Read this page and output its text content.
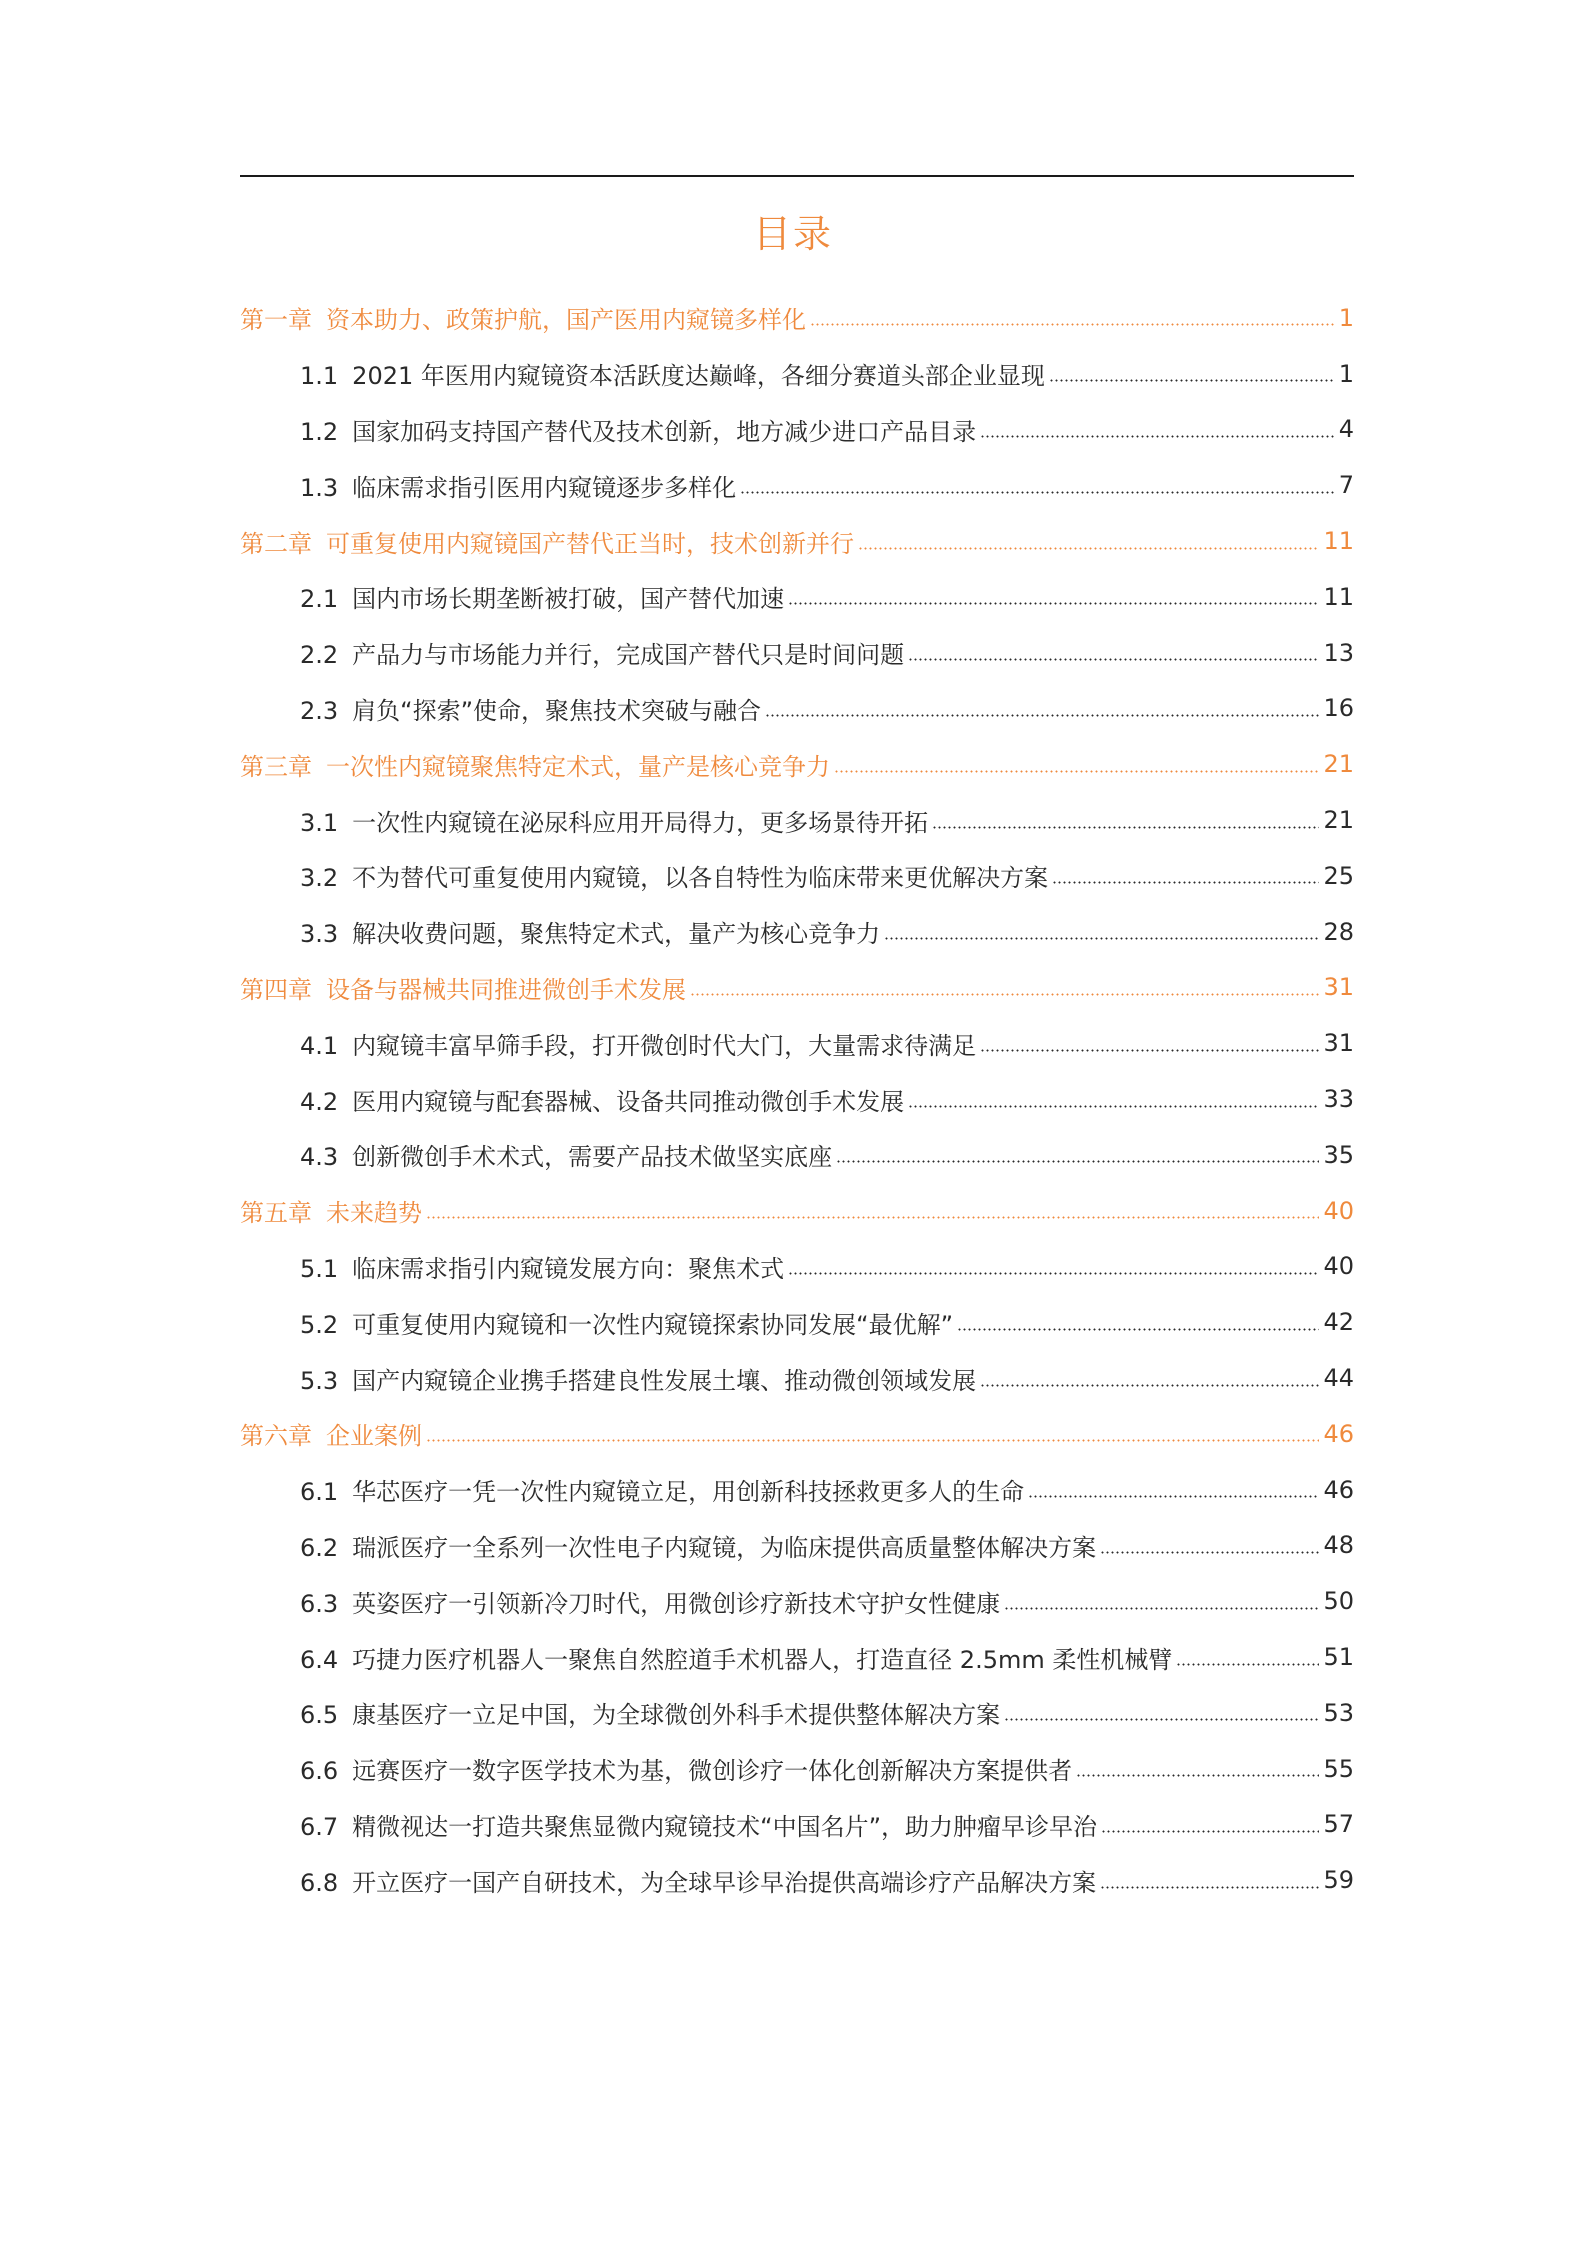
目录
第一章 资本助力、政策护航，国产医用内窥镜多样化	1
1.1 2021 年医用内窥镜资本活跃度达巅峰，各细分赛道头部企业显现	1
1.2 国家加码支持国产替代及技术创新，地方减少进口产品目录	4
1.3 临床需求指引医用内窥镜逐步多样化	7
第二章 可重复使用内窥镜国产替代正当时，技术创新并行	11
2.1 国内市场长期垄断被打破，国产替代加速	11
2.2 产品力与市场能力并行，完成国产替代只是时间问题	13
2.3 肩负“探索”使命，聚焦技术突破与融合	16
第三章 一次性内窥镜聚焦特定术式，量产是核心竞争力	21
3.1 一次性内窥镜在泌尿科应用开局得力，更多场景待开拓	21
3.2 不为替代可重复使用内窥镜，以各自特性为临床带来更优解决方案	25
3.3 解决收费问题，聚焦特定术式，量产为核心竞争力	28
第四章 设备与器械共同推进微创手术发展	31
4.1 内窥镜丰富早筛手段，打开微创时代大门，大量需求待满足	31
4.2 医用内窥镜与配套器械、设备共同推动微创手术发展	33
4.3 创新微创手术术式，需要产品技术做坚实底座	35
第五章 未来趋势	40
5.1 临床需求指引内窥镜发展方向：聚焦术式	40
5.2 可重复使用内窥镜和一次性内窥镜探索协同发展“最优解”	42
5.3 国产内窥镜企业携手搭建良性发展土壤、推动微创领域发展	44
第六章 企业案例	46
6.1 华芯医疗一凭一次性内窥镜立足，用创新科技拯救更多人的生命	46
6.2 瑞派医疗一全系列一次性电子内窥镜，为临床提供高质量整体解决方案	48
6.3 英姿医疗一引领新冷刀时代，用微创诊疗新技术守护女性健康	50
6.4 巧捷力医疗机器人一聚焦自然腔道手术机器人，打造直径 2.5mm 柔性机械臂	51
6.5 康基医疗一立足中国，为全球微创外科手术提供整体解决方案	53
6.6 远赛医疗一数字医学技术为基，微创诊疗一体化创新解决方案提供者	55
6.7 精微视达一打造共聚焦显微内窥镜技术“中国名片”，助力肿瘤早诊早治	57
6.8 开立医疗一国产自研技术，为全球早诊早治提供高端诊疗产品解决方案	59
